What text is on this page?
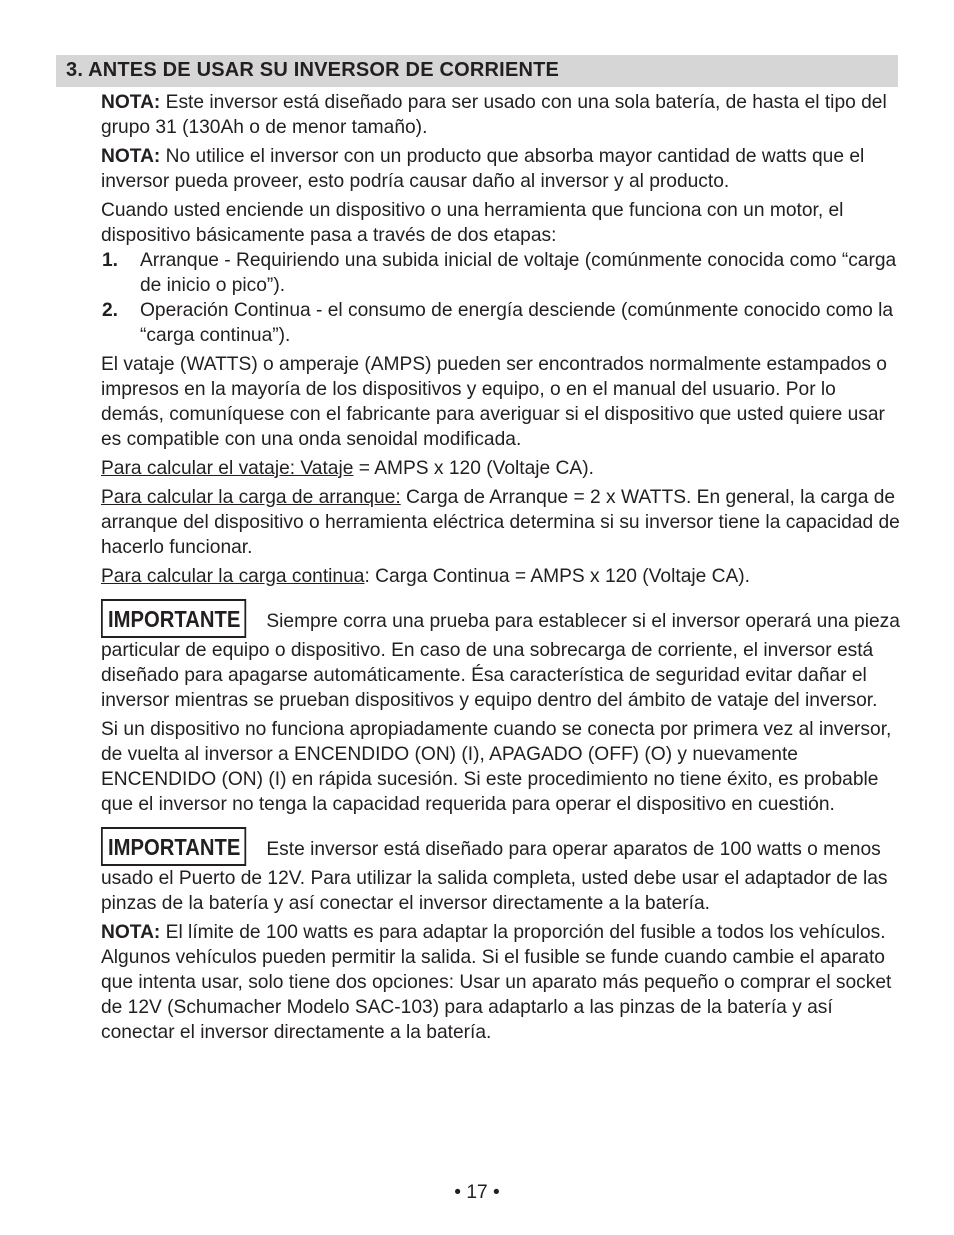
3. ANTES DE USAR SU INVERSOR DE CORRIENTE

NOTA: Este inversor está diseñado para ser usado con una sola batería, de hasta el tipo del grupo 31 (130Ah o de menor tamaño).

NOTA: No utilice el inversor con un producto que absorba mayor cantidad de watts que el inversor pueda proveer, esto podría causar daño al inversor y al producto.

Cuando usted enciende un dispositivo o una herramienta que funciona con un motor, el dispositivo básicamente pasa a través de dos etapas:

1. Arranque - Requiriendo una subida inicial de voltaje (comúnmente conocida como “carga de inicio o pico”).
2. Operación Continua - el consumo de energía desciende (comúnmente conocido como la “carga continua”).

El vataje (WATTS) o amperaje (AMPS) pueden ser encontrados normalmente estampados o impresos en la mayoría de los dispositivos y equipo, o en el manual del usuario. Por lo demás, comuníquese con el fabricante para averiguar si el dispositivo que usted quiere usar es compatible con una onda senoidal modificada.

Para calcular el vataje: Vataje = AMPS x 120 (Voltaje CA).

Para calcular la carga de arranque: Carga de Arranque = 2 x WATTS. En general, la carga de arranque del dispositivo o herramienta eléctrica determina si su inversor tiene la capacidad de hacerlo funcionar.

Para calcular la carga continua: Carga Continua = AMPS x 120 (Voltaje CA).

IMPORTANTE Siempre corra una prueba para establecer si el inversor operará una pieza particular de equipo o dispositivo. En caso de una sobrecarga de corriente, el inversor está diseñado para apagarse automáticamente. Ésa característica de seguridad evitar dañar el inversor mientras se prueban dispositivos y equipo dentro del ámbito de vataje del inversor.

Si un dispositivo no funciona apropiadamente cuando se conecta por primera vez al inversor, de vuelta al inversor a ENCENDIDO (ON) (I), APAGADO (OFF) (O) y nuevamente ENCENDIDO (ON) (I) en rápida sucesión. Si este procedimiento no tiene éxito, es probable que el inversor no tenga la capacidad requerida para operar el dispositivo en cuestión.

IMPORTANTE Este inversor está diseñado para operar aparatos de 100 watts o menos usado el Puerto de 12V. Para utilizar la salida completa, usted debe usar el adaptador de las pinzas de la batería y así conectar el inversor directamente a la batería.

NOTA: El límite de 100 watts es para adaptar la proporción del fusible a todos los vehículos. Algunos vehículos pueden permitir la salida. Si el fusible se funde cuando cambie el aparato que intenta usar, solo tiene dos opciones: Usar un aparato más pequeño o comprar el socket de 12V (Schumacher Modelo SAC-103) para adaptarlo a las pinzas de la batería y así conectar el inversor directamente a la batería.

• 17 •
